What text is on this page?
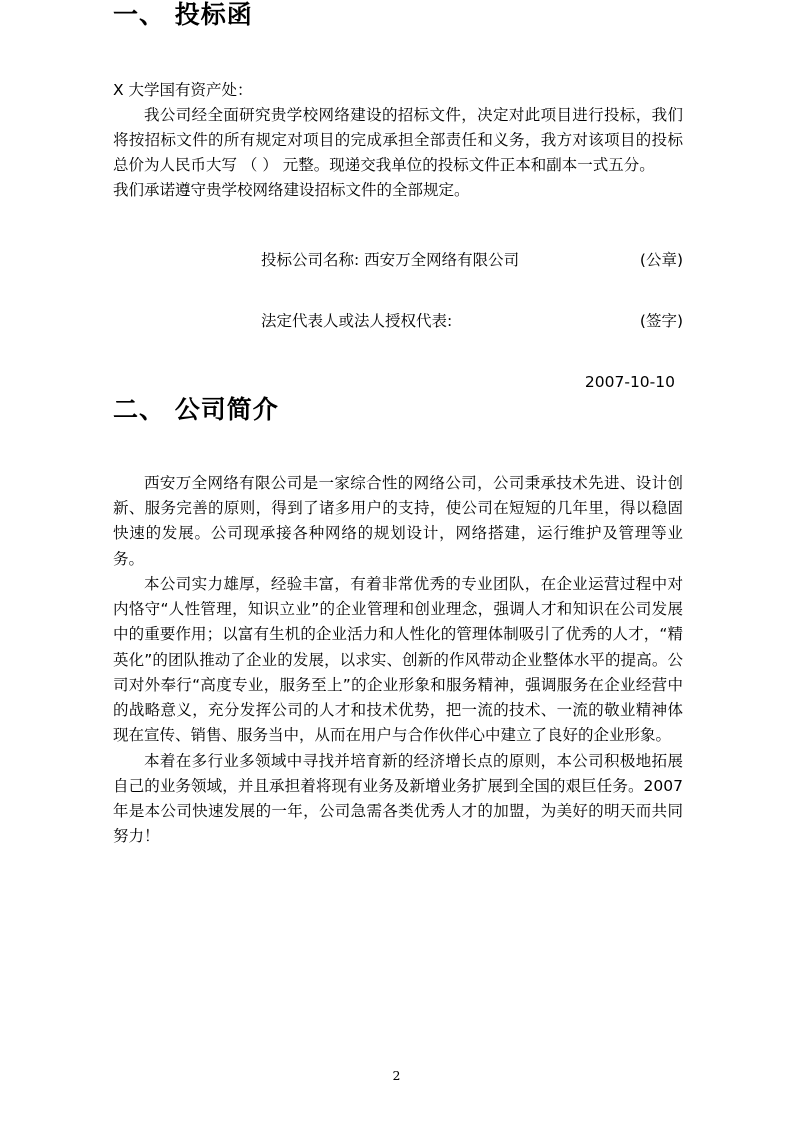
一、 投标函

X 大学国有资产处：

我公司经全面研究贵学校网络建设的招标文件，决定对此项目进行投标，我们将按招标文件的所有规定对项目的完成承担全部责任和义务，我方对该项目的投标总价为人民币大写 （ ） 元整。现递交我单位的投标文件正本和副本一式五分。

我们承诺遵守贵学校网络建设招标文件的全部规定。

投标公司名称: 西安万全网络有限公司	(公章)
法定代表人或法人授权代表:	(签字)
2007-10-10
二、 公司简介

西安万全网络有限公司是一家综合性的网络公司，公司秉承技术先进、设计创新、服务完善的原则，得到了诸多用户的支持，使公司在短短的几年里，得以稳固快速的发展。公司现承接各种网络的规划设计，网络搭建，运行维护及管理等业务。

本公司实力雄厚，经验丰富，有着非常优秀的专业团队，在企业运营过程中对内恪守“人性管理，知识立业”的企业管理和创业理念，强调人才和知识在公司发展中的重要作用；以富有生机的企业活力和人性化的管理体制吸引了优秀的人才，“精英化”的团队推动了企业的发展，以求实、创新的作风带动企业整体水平的提高。公司对外奉行“高度专业，服务至上”的企业形象和服务精神，强调服务在企业经营中的战略意义，充分发挥公司的人才和技术优势，把一流的技术、一流的敬业精神体现在宣传、销售、服务当中，从而在用户与合作伙伴心中建立了良好的企业形象。

本着在多行业多领域中寻找并培育新的经济增长点的原则，本公司积极地拓展自己的业务领域，并且承担着将现有业务及新增业务扩展到全国的艰巨任务。2007 年是本公司快速发展的一年，公司急需各类优秀人才的加盟，为美好的明天而共同努力！

2
